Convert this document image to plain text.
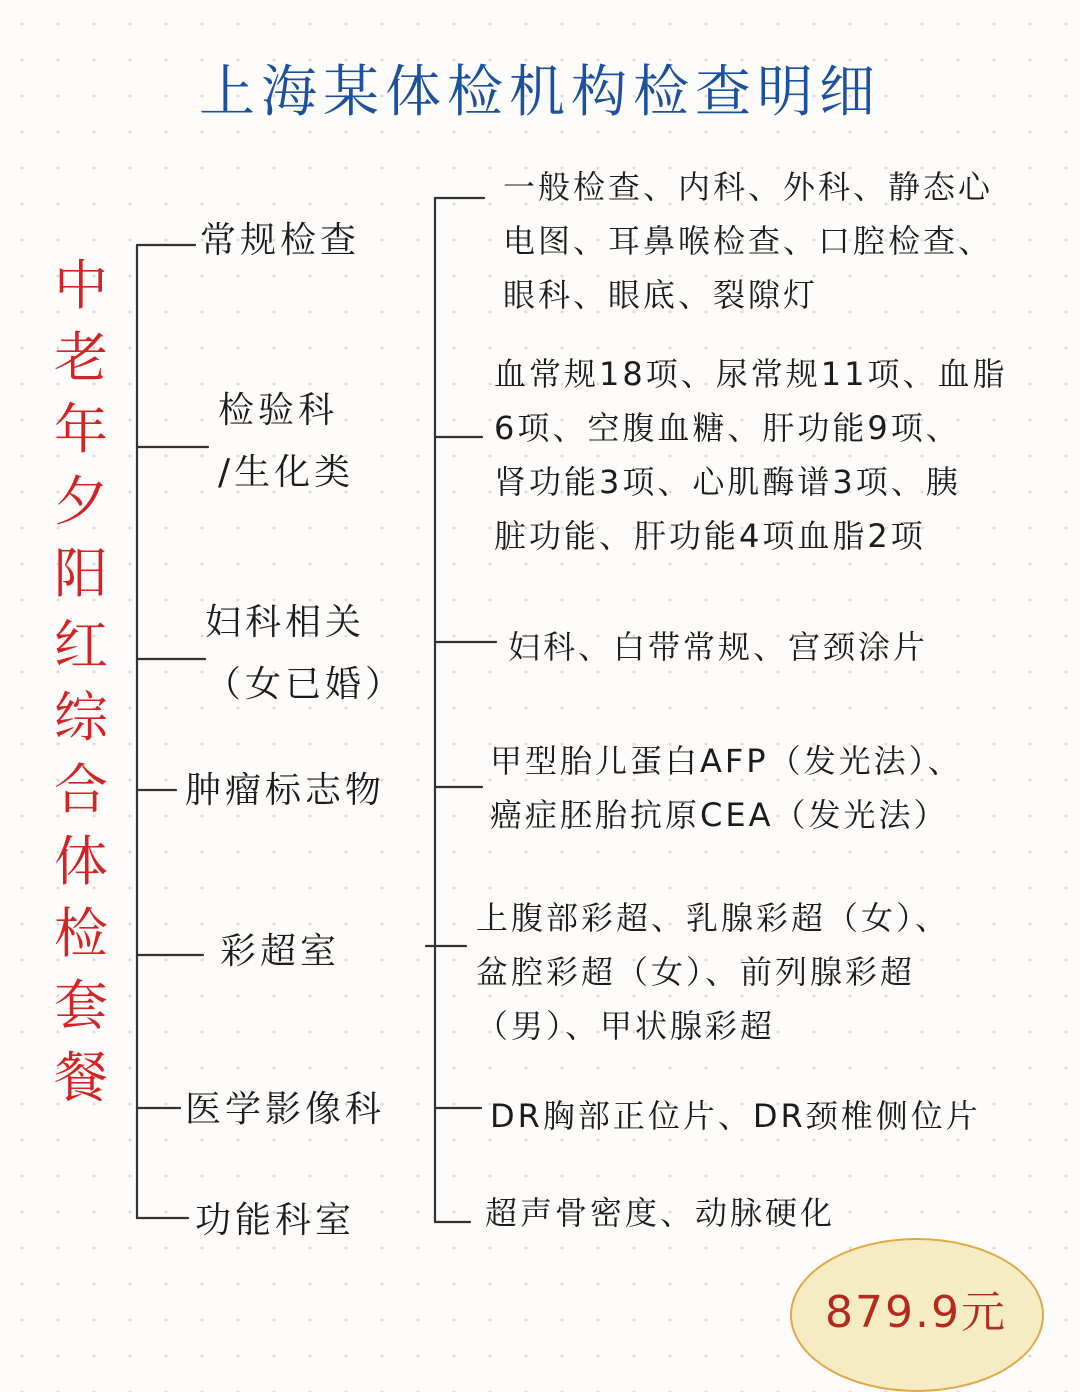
上海某体检机构检查明细
中
老
年
夕
阳
红
综
合
体
检
套
餐
常规检查
检验科
/生化类
妇科相关
（女已婚）
肿瘤标志物
彩超室
医学影像科
功能科室
一般检查、内科、外科、静态心
电图、耳鼻喉检查、口腔检查、
眼科、眼底、裂隙灯
血常规18项、尿常规11项、血脂
6项、空腹血糖、肝功能9项、
肾功能3项、心肌酶谱3项、胰
脏功能、肝功能4项血脂2项
妇科、白带常规、宫颈涂片
甲型胎儿蛋白AFP（发光法）、
癌症胚胎抗原CEA（发光法）
上腹部彩超、乳腺彩超（女）、
盆腔彩超（女）、前列腺彩超
（男）、甲状腺彩超
DR胸部正位片、DR颈椎侧位片
超声骨密度、动脉硬化
879.9元
